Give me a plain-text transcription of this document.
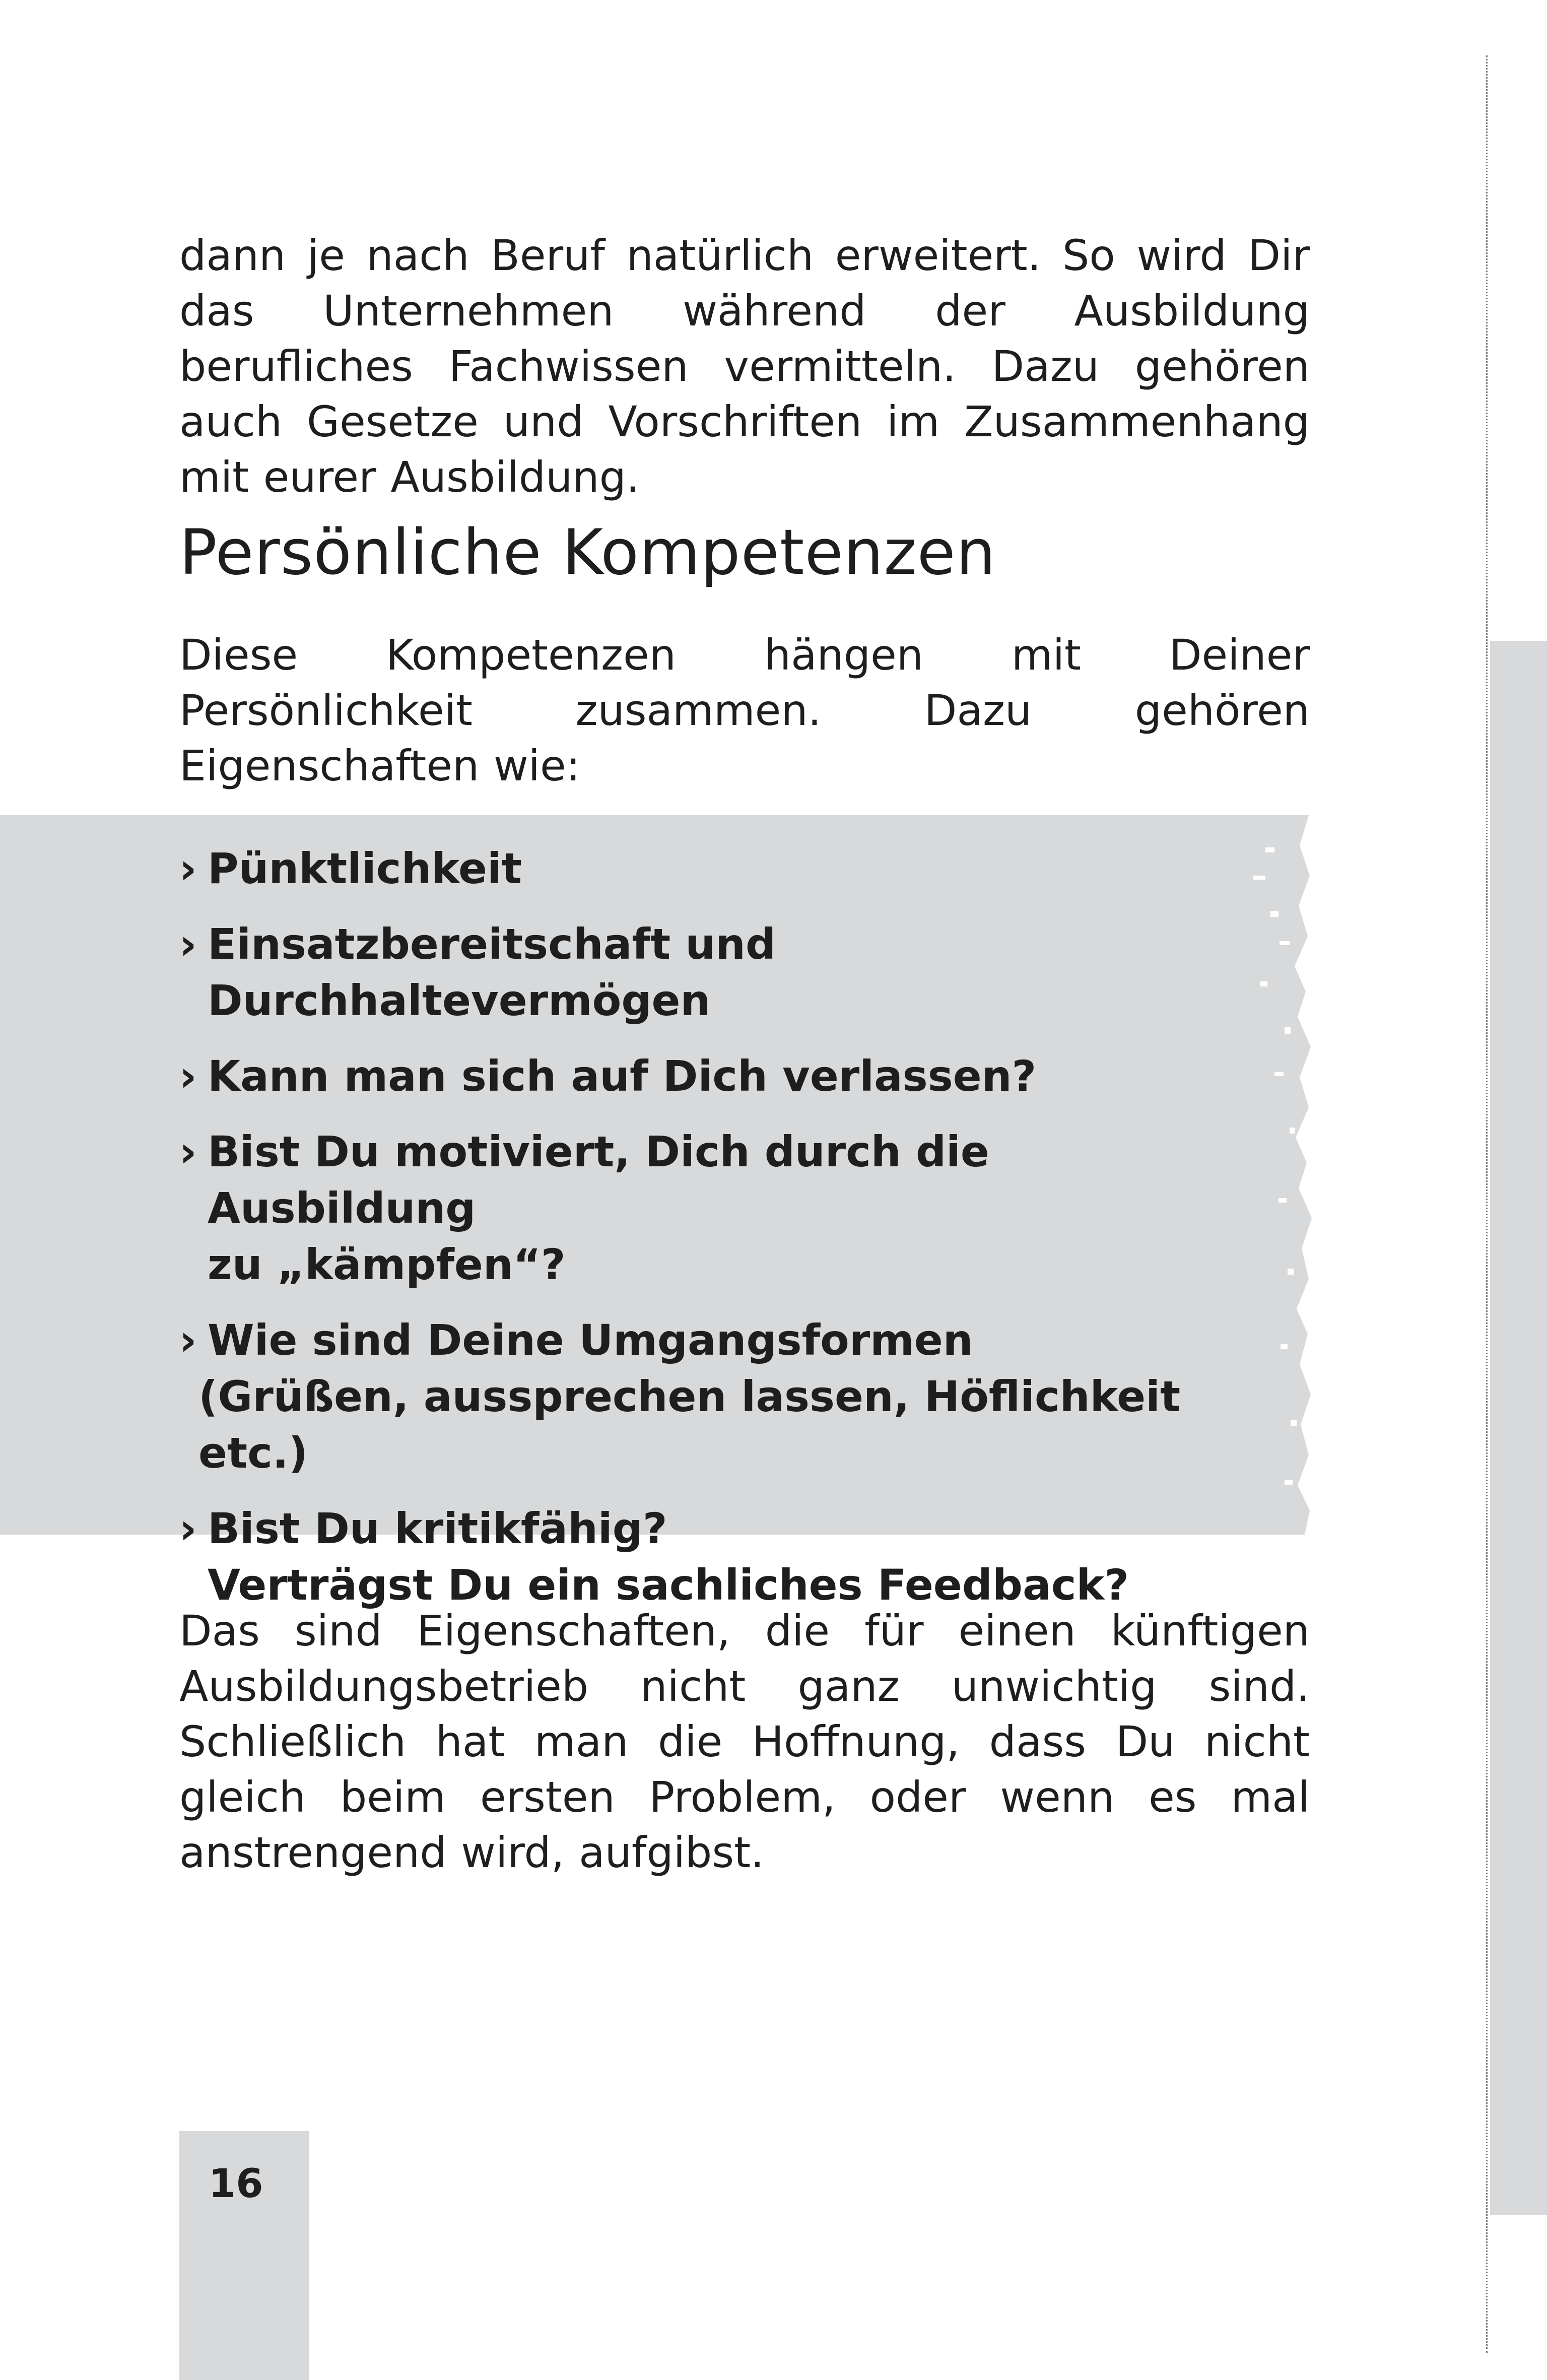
dann je nach Beruf natürlich erweitert. So wird Dir das Unternehmen während der Ausbildung berufliches Fachwissen vermitteln. Dazu gehören auch Gesetze und Vorschriften im Zusammenhang mit eurer Ausbildung.

Persönliche Kompetenzen

Diese Kompetenzen hängen mit Deiner Persönlichkeit zusammen. Dazu gehören Eigenschaften wie:

› Pünktlichkeit
› Einsatzbereitschaft und Durchhaltevermögen
› Kann man sich auf Dich verlassen?
› Bist Du motiviert, Dich durch die Ausbildung
zu „kämpfen“?
› Wie sind Deine Umgangsformen
(Grüßen, aussprechen lassen, Höflichkeit etc.)
› Bist Du kritikfähig?
Verträgst Du ein sachliches Feedback?

Das sind Eigenschaften, die für einen künftigen Ausbildungsbetrieb nicht ganz unwichtig sind. Schließlich hat man die Hoffnung, dass Du nicht gleich beim ersten Problem, oder wenn es mal anstrengend wird, aufgibst.

16
